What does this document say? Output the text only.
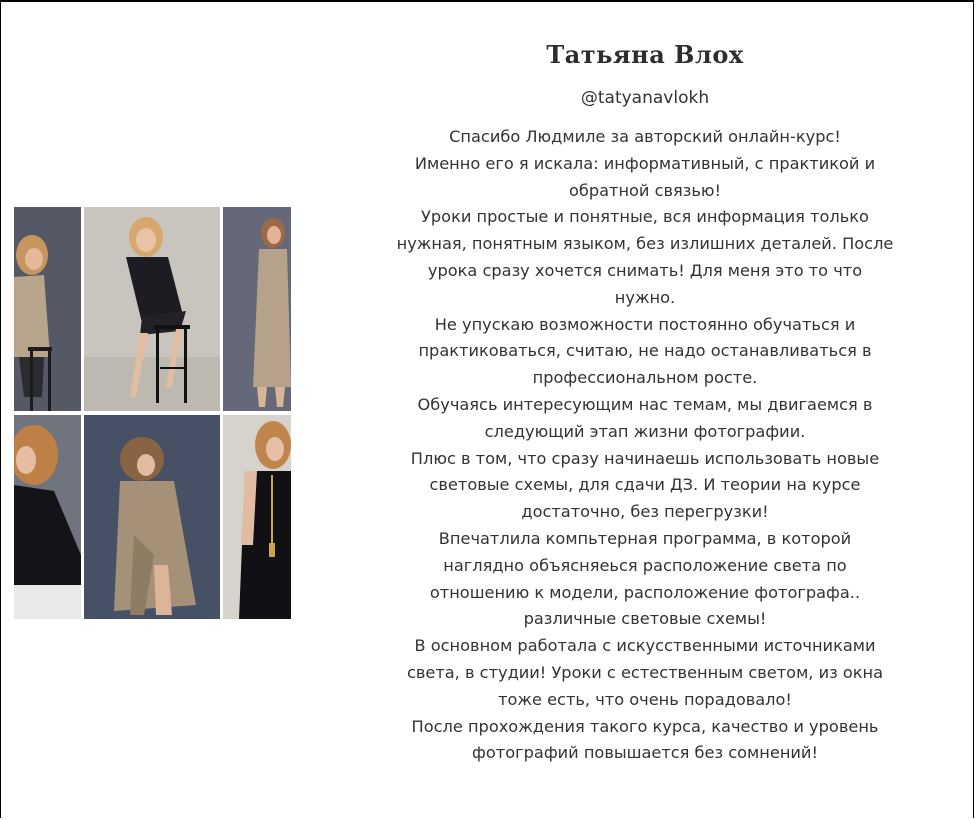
Татьяна Влох
@tatyanavlokh
Спасибо Людмиле за авторский онлайн-курс!
Именно его я искала: информативный, с практикой и
обратной связью!
Уроки простые и понятные, вся информация только
нужная, понятным языком, без излишних деталей. После
урока сразу хочется снимать! Для меня это то что
нужно.
Не упускаю возможности постоянно обучаться и
практиковаться, считаю, не надо останавливаться в
профессиональном росте.
Обучаясь интересующим нас темам, мы двигаемся в
следующий этап жизни фотографии.
Плюс в том, что сразу начинаешь использовать новые
световые схемы, для сдачи ДЗ. И теории на курсе
достаточно, без перегрузки!
Впечатлила компьтерная программа, в которой
наглядно объясняеься расположение света по
отношению к модели, расположение фотографа..
различные световые схемы!
В основном работала с искусственными источниками
света, в студии! Уроки с естественным светом, из окна
тоже есть, что очень порадовало!
После прохождения такого курса, качество и уровень
фотографий повышается без сомнений!
